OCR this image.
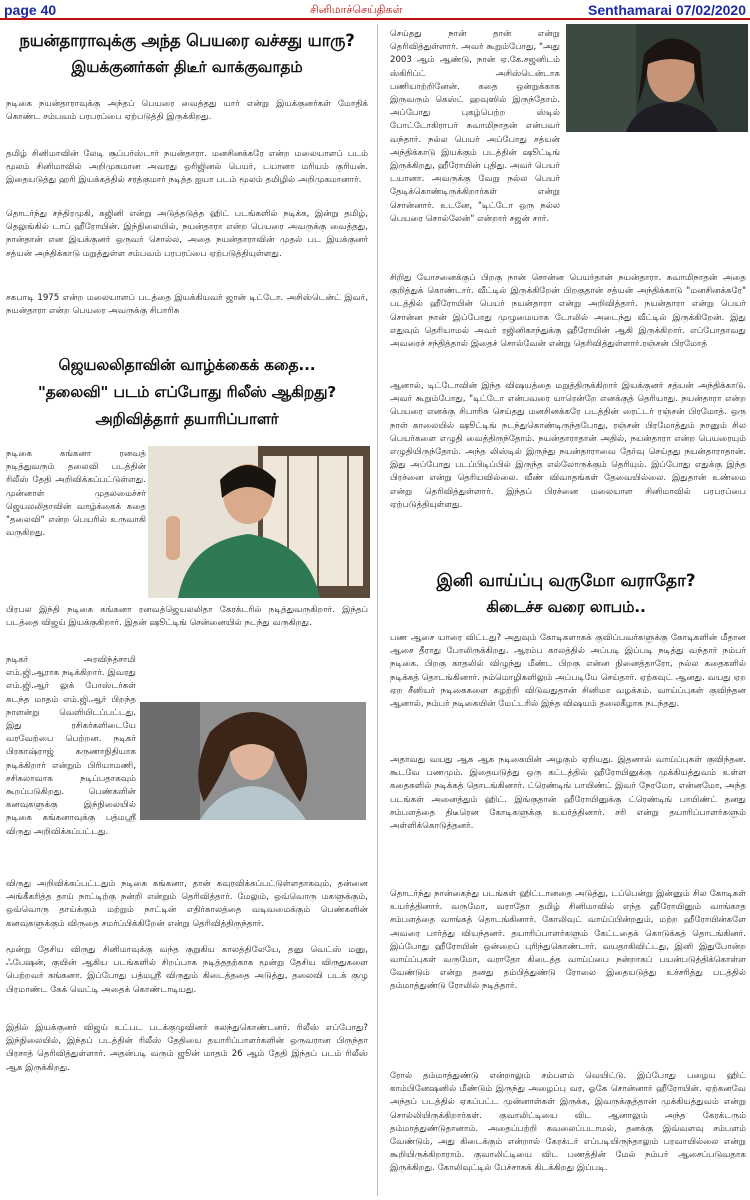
page 40	சினிமாச்செய்திகள்	Senthamarai 07/02/2020
நயன்தாராவுக்கு அந்த பெயரை வச்சது யாரு?
இயக்குனர்கள் திடீர் வாக்குவாதம்

நடிகை நயன்தாராவுக்கு அந்தப் பெயரை வைத்தது யார் என்று இயக்குனர்கள் மோதிக் கொண்ட சம்பவம் பரபரப்பை ஏற்படுத்தி இருக்கிறது.

தமிழ் சினிமாவின் லேடி சூப்பர்ஸ்டார் நயன்தாரா. மனசினக்கரே என்ற மலையாளப் படம் மூலம் சினிமாவில் அறிமுகமான அவரது ஒரிஜினல் பெயர், டயானா மரியம் குரியன். இதையடுத்து ஹரி இயக்கத்தில் சரத்குமார் நடித்த ஐயா படம் மூலம் தமிழில் அறிமுகமானார்.

தொடர்ந்து சந்திரமுகி, கஜினி என்று அடுத்தடுத்த ஹிட் படங்களில் நடிக்க, இன்று தமிழ், தெலுங்கில் டாப் ஹீரோயின். இந்நிலையில், நயன்தாரா என்ற பெயரை அவருக்கு வைத்தது, நான்தான் என இயக்குனர் ஒருவர் சொல்ல, அதை நயன்தாராவின் முதல் பட இயக்குனர் சத்யன் அந்திக்காடு மறுத்துள்ள சம்பவம் பரபரப்பை ஏற்படுத்தியுள்ளது.

சகபாடி 1975 என்ற மலையாளப் படத்தை இயக்கியவர் ஜான் டிட்டோ. அசிஸ்டென்ட் இவர், நயன்தாரா என்ற பெயரை அவருக்கு சிபாரிசு

செய்தது நான் தான் என்று தெரிவித்துள்ளார். அவர் கூறும்போது, "அது 2003 ஆம் ஆண்டு, நான் ஏ.கே.சஜனிடம் ஸ்கிரிப்ட் அசிஸ்டென்டாக பணியாற்றினேன். கதை ஒன்றுக்காக இருவரும் கெஸ்ட் ஹவுஸில் இருந்தோம். அப்போது புகழ்பெற்ற ஸ்டில் போட்டோகிராபர் சுவாமிநாதன் என்பவர் வந்தார். நல்ல பெயர் அப்போது சத்யன் அந்திக்காடு இயக்கும் படத்தின் ஷூட்டிங் இருக்கிறது, ஹீரோயின் புதிது. அவர் பெயர் டயானா. அவருக்கு வேறு நல்ல பெயர் தேடிக்கொண்டிருக்கிறார்கள் என்று சொன்னார். உடனே, "டிட்டோ ஒரு நல்ல பெயரை சொல்லேன்" என்றார் சஜன் சார்.

சிறிது யோசனைக்குப் பிறகு நான் சொன்ன பெயர்தான் நயன்தாரா. சுவாமிநாதன் அதை குறித்துக் கொண்டார். வீட்டில் இருக்கிறேன் பிறகுதான் சத்யன் அந்திக்காடு "மனசினக்கரே" படத்தில் ஹீரோயின் பெயர் நயன்தாரா என்று அறிவித்தார். நயன்தாரா என்று பெயர் சொன்ன நான் இப்போது முழுமையாக டோலில் அடைந்து வீட்டில் இருக்கிறேன். இது எதுவும் தெரியாமல் அவர் ரஜினிகாந்துக்கு ஹீரோயின் ஆகி இருக்கிறார். எப்போதாவது அவரைச் சந்தித்தால் இதைச் சொல்வேன் என்று தெரிவித்துள்ளார்.ரஞ்சன் பிரமோத்

ஆனால், டிட்டோவின் இந்த விஷயத்தை மறுத்திருக்கிறார் இயக்குனர் சத்யன் அந்திக்காடு. அவர் கூறும்போது, "டிட்டோ என்பவரை யாரென்றே எனக்குத் தெரியாது. நயன்தாரா என்ற பெயரை எனக்கு சிபாரிசு செய்தது மனசினக்கரே படத்தின் ரைட்டர் ரஞ்சன் பிரமோத். ஒரு நாள் காலையில் ஷூட்டிங் நடந்துகொண்டிருந்தபோது, ரஞ்சன் பிரமோத்தும் நானும் சில பெயர்களை எழுதி வைத்திருந்தோம். நயன்தாராதான் அதில், நயன்தாரா என்ற பெயரையும் எழுதியிருந்தோம். அந்த லிஸ்டில் இருந்து நயன்தாராவை தேர்வு செய்தது நயன்தாராதான். இது அப்போது படப்பிடிப்பில் இருந்த எல்லோருக்கும் தெரியும். இப்போது எதுக்கு இந்த பிரச்னை என்று தெரியவில்லை. வீண் விவாதங்கள் தேவையில்லை. இதுதான் உண்மை என்று தெரிவித்துள்ளார். இந்தப் பிரச்னை மலையாள சினிமாவில் பரபரப்பை ஏற்படுத்தியுள்ளது.

ஜெயலலிதாவின் வாழ்க்கைக் கதை...
"தலைவி" படம் எப்போது ரிலீஸ் ஆகிறது?
அறிவித்தார் தயாரிப்பாளர்

நடிகை கங்கனா ரனவத் நடித்துவரும் தலைவி படத்தின் ரிலீஸ் தேதி அறிவிக்கப்பட்டுள்ளது. முன்னாள் முதலமைச்சர் ஜெயலலிதாவின் வாழ்க்கைக் கதை "தலைவி" என்ற பெயரில் உருவாகி வருகிறது.

பிரபல இந்தி நடிகை கங்கனா ரனவத்ஜெயலலிதா கேரக்டரில் நடித்துவருகிறார். இந்தப் படத்தை விஜய் இயக்குகிறார். இதன் ஷூட்டிங் சென்னையில் நடந்து வருகிறது.

நடிகர் அரவிந்த்சாமி எம்.ஜி.ஆராக நடிக்கிறார். இவரது எம்.ஜி.ஆர் லுக் போஸ்டர்கள் கடந்த மாதம் எம்.ஜி.ஆர் பிறந்த நாளன்று வெளியிடப்பட்டது. இது ரசிகர்களிடையே வரவேற்பை பெற்றன. நடிகர் பிரகாஷ்ராஜ் கருணாநிதியாக நடிக்கிறார் என்றும் பிரியாமணி, சசிகலாவாக நடிப்பதாகவும் கூறப்படுகிறது. பெண்களின் கனவுகளுக்கு இந்நிலையில் நடிகை கங்கனாவுக்கு பத்மஸ்ரீ விருது அறிவிக்கப்பட்டது.

விருது அறிவிக்கப்பட்டதும் நடிகை கங்கனா, தான் கவுரவிக்கப்பட்டுள்ளதாகவும், தன்னை அங்கீகரித்த தாய் நாட்டிற்கு நன்றி என்றும் தெரிவித்தார். மேலும், ஒவ்வொரு மகளுக்கும், ஒவ்வொரு தாய்க்கும் மற்றும் நாட்டின் எதிர்காலத்தை வடிவமைக்கும் பெண்களின் கனவுகளுக்கும் விருதை சமர்ப்பிக்கிறேன் என்று தெரிவித்திருந்தார்.

மூன்று தேசிய விருது சினிமாவுக்கு வந்த குறுகிய காலத்திலேயே, தனு வெட்ஸ் மனு, ஃபேஷன், குயின் ஆகிய படங்களில் சிறப்பாக நடித்ததற்காக மூன்று தேசிய விருதுகளை பெற்றவர் கங்கனா. இப்போது பத்மஸ்ரீ விருதும் கிடைத்ததை அடுத்து, தலைவி படக் குழு பிரமாண்ட கேக் வெட்டி அதைக் கொண்டாடியது.

இதில் இயக்குனர் விஜய் உட்பட படக்குழுவினர் கலந்துகொண்டனர். ரிலீஸ் எப்போது? இந்நிலையில், இந்தப் படத்தின் ரிலீஸ் தேதியை தயாரிப்பாளர்களின் ஒருவரான பிருந்தா பிரசாத் தெரிவித்துள்ளார். அதன்படி வரும் ஜூன் மாதம் 26 ஆம் தேதி இந்தப் படம் ரிலீஸ் ஆக இருக்கிறது.

இனி வாய்ப்பு வருமோ வராதோ?
கிடைச்ச வரை லாபம்..

பண ஆசை யாரை விட்டது? அதுவும் கோடிகளாகக் குவிப்பவர்களுக்கு கோடிகளின் மீதான ஆசை தீராது போலிருக்கிறது. ஆரம்ப காலத்தில் அப்படி இப்படி நடித்து வந்தார் நம்பர் நடிகை. பிறகு காதலில் விழுந்து மீண்ட பிறகு என்ன நினைத்தாரோ, நல்ல கதைகளில் நடிக்கத் தொடங்கினார். நம்மொழிகளிலும் அப்படியே செய்தார். ஏற்கவுட் ஆனது. வயது ஏற ஏற சீனியர் நடிகைகளை கழற்றி விடுவதுதான் சினிமா வழக்கம். வாய்ப்புகள் குவிந்தன ஆனால், நம்பர் நடிகையின் மேட்டரில் இந்த விஷயம் தலைகீழாக நடந்தது.

அதாவது வயது ஆக ஆக நடிகையின் அழகும் ஏறியது. இதனால் வாய்ப்புகள் குவிந்தன. கூடவே பணமும். இதையடுத்து ஒரு கட்டத்தில் ஹீரோயினுக்கு முக்கியத்துவம் உள்ள கதைகளில் நடிக்கத் தொடங்கினார். ட்ரெண்டிங் பாயிண்ட் இவர் நேரமோ, என்னமோ, அந்த படங்கள் அனைத்தும் ஹிட். இங்குதான் ஹீரோயினுக்கு ட்ரெண்டிங் பாயிண்ட் தனது சம்பளத்தை திடீரென கோடிகளுக்கு உயர்த்தினார். சரி என்று தயாரிப்பாளர்களும் அள்ளிக்கொடுத்தனர்.

தொடர்ந்து நான்கைந்து படங்கள் ஹிட்டானதை அடுத்து, டப்பென்று இன்னும் சில கோடிகள் உயர்த்தினார். வருமோ, வராதோ தமிழ் சினிமாவில் எந்த ஹீரோயினும் வாங்காத சம்பளத்தை வாங்கத் தொடங்கினார். கோலிவுட் வாய்ப்பின்றதும், மற்ற ஹீரோயின்களே அவரை பார்த்து வியந்தனர். தயாரிப்பாளர்களும் கேட்டதைக் கொடுக்கத் தொடங்கினர். இப்போது ஹீரோயின் ஒன்றைப் புரிந்துகொண்டார். வயதாகிவிட்டது, இனி இதுபோன்ற வாய்ப்புகள் வருமோ, வராதோ கிடைத்த வாய்ப்பை நன்றாகப் பயன்படுத்திக்கொள்ள வேண்டும் என்று தனது தம்பித்துண்டு ரோலை இதையடுத்து உச்சரித்து படத்தில் தம்மாத்துண்டு ரோலில் நடித்தார்.

ரோல் தம்மாத்துண்டு என்றாலும் சம்பளம் வெயிட்டு. இப்போது பழைய ஹிட் காம்பினேஷனில் மீண்டும் இருந்து அழைப்பு வர, ஓகே சொன்னார் ஹீரோயின். ஏற்கனவே அந்தப் படத்தில் ஏகப்பட்ட முன்னாள்கள் இருக்க, இவருக்குத்தான் முக்கியத்துவம் என்று சொல்லியிருக்கிறார்கள். குவாலிட்டியை விட ஆனாலும் அந்த கேரக்டரும் தம்மாத்துண்டுதானாம். அதைப்பற்றி கவலைப்படாமல், தனக்கு இவ்வளவு சம்பளம் வேண்டும், அது கிடைக்கும் என்றால் கேரக்டர் எப்படியிருந்தாலும் பரவாயில்லை என்று கூறியிருக்கிறாராம். குவாலிட்டியை விட பணத்தின் மேல் நம்பர் ஆசைப்படுவதாக இருக்கிறது. கோலிவுட்டில் பேச்சாகக் கிடக்கிறது இப்படி.
